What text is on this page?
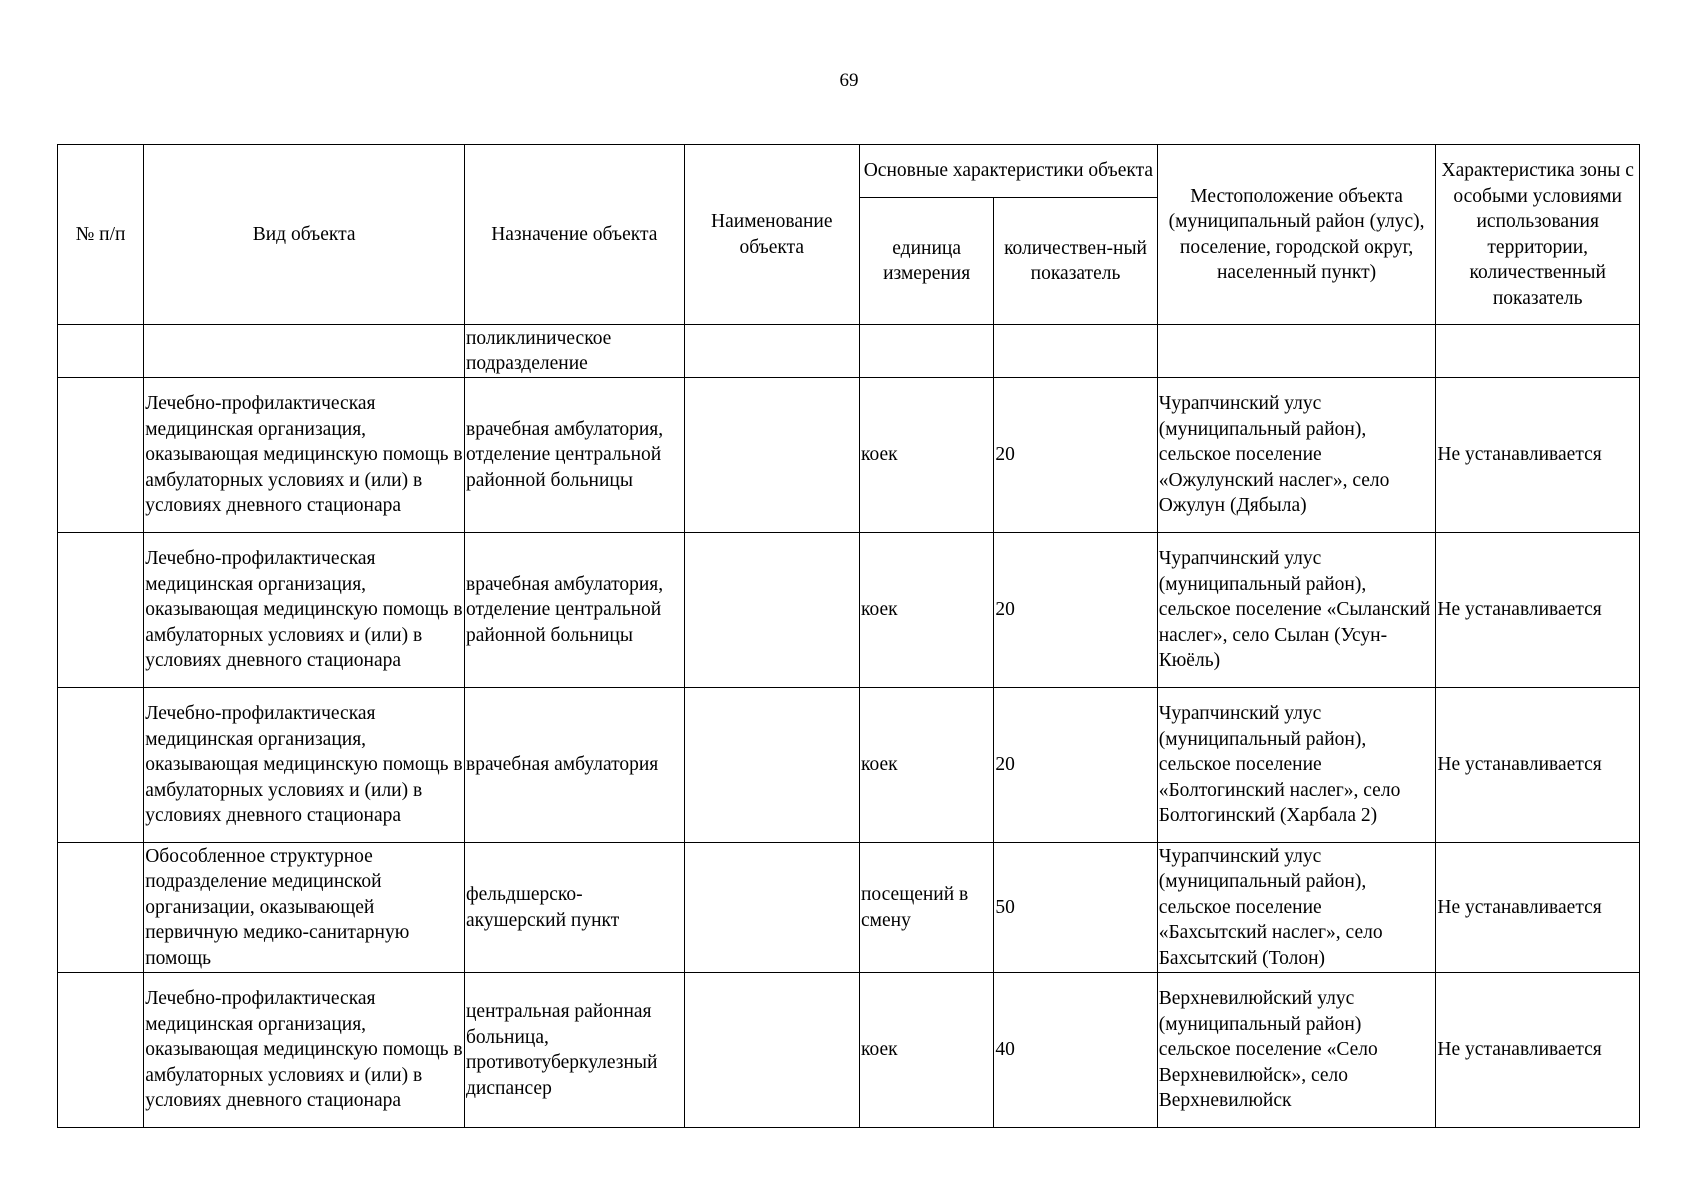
69
№ п/п	Вид объекта	Назначение объекта	Наименование объекта	Основные характеристики объекта		Местоположение объекта (муниципальный район (улус), поселение, городской округ, населенный пункт)	Характеристика зоны с особыми условиями использования территории, количественный показатель
				единица измерения	количествен-ный показатель		
		поликлиническое подразделение					
	Лечебно-профилактическая медицинская организация, оказывающая медицинскую помощь в амбулаторных условиях и (или) в условиях дневного стационара	врачебная амбулатория, отделение центральной районной больницы		коек	20	Чурапчинский улус (муниципальный район), сельское поселение «Ожулунский наслег», село Ожулун (Дябыла)	Не устанавливается
	Лечебно-профилактическая медицинская организация, оказывающая медицинскую помощь в амбулаторных условиях и (или) в условиях дневного стационара	врачебная амбулатория, отделение центральной районной больницы		коек	20	Чурапчинский улус (муниципальный район), сельское поселение «Сыланский наслег», село Сылан (Усун-Кюёль)	Не устанавливается
	Лечебно-профилактическая медицинская организация, оказывающая медицинскую помощь в амбулаторных условиях и (или) в условиях дневного стационара	врачебная амбулатория		коек	20	Чурапчинский улус (муниципальный район), сельское поселение «Болтогинский наслег», село Болтогинский (Харбала 2)	Не устанавливается
	Обособленное структурное подразделение медицинской организации, оказывающей первичную медико-санитарную помощь	фельдшерско-акушерский пункт		посещений в смену	50	Чурапчинский улус (муниципальный район), сельское поселение «Бахсытский наслег», село Бахсытский (Толон)	Не устанавливается
	Лечебно-профилактическая медицинская организация, оказывающая медицинскую помощь в амбулаторных условиях и (или) в условиях дневного стационара	центральная районная больница, противотуберкулезный диспансер		коек	40	Верхневилюйский улус (муниципальный район) сельское поселение «Село Верхневилюйск», село Верхневилюйск	Не устанавливается
